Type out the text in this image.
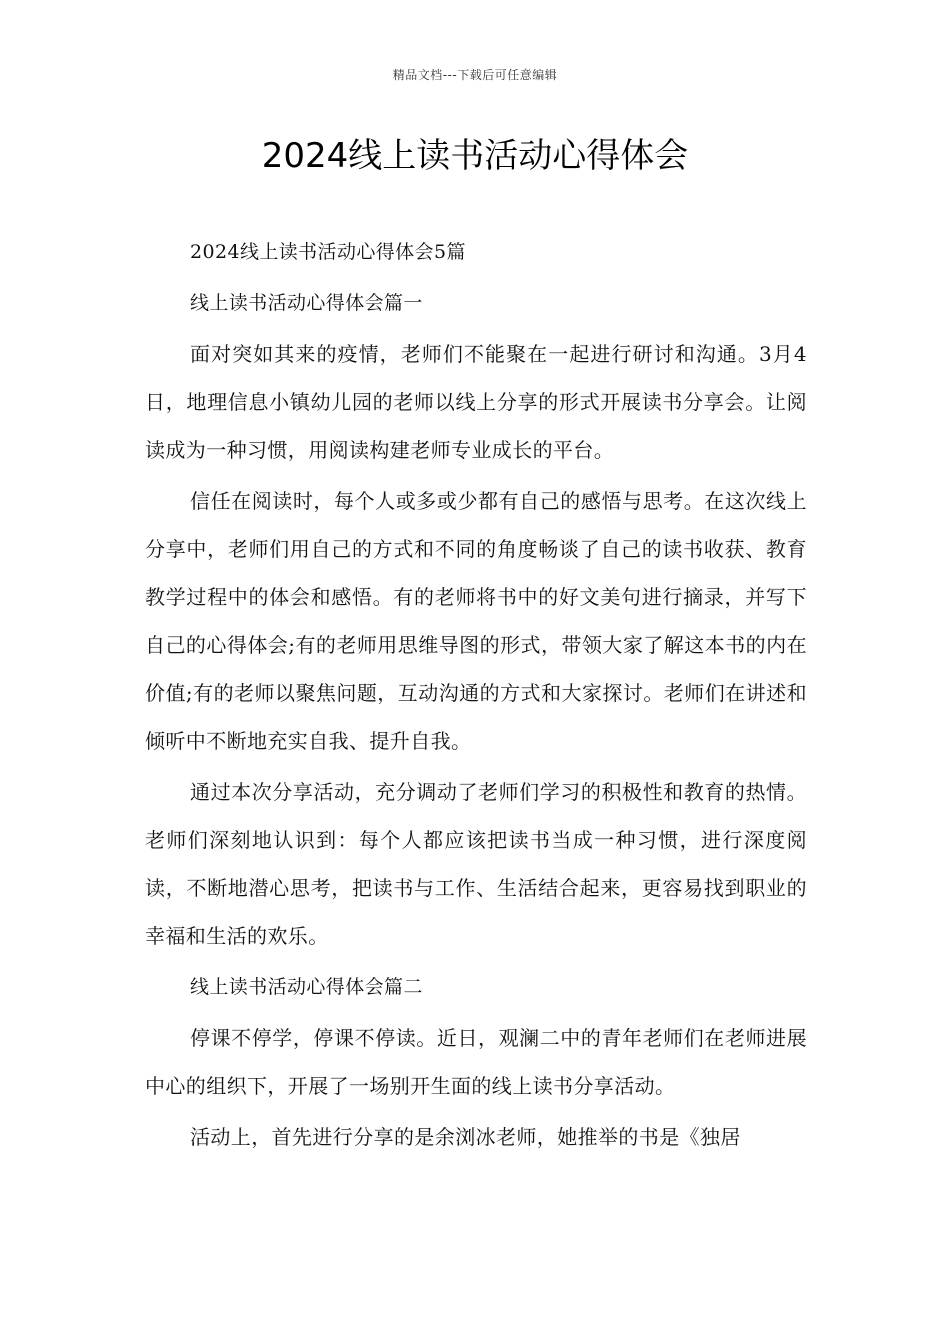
精品文档---下载后可任意编辑
2024线上读书活动心得体会

2024线上读书活动心得体会5篇

线上读书活动心得体会篇一

面对突如其来的疫情，老师们不能聚在一起进行研讨和沟通。3月4日，地理信息小镇幼儿园的老师以线上分享的形式开展读书分享会。让阅读成为一种习惯，用阅读构建老师专业成长的平台。

信任在阅读时，每个人或多或少都有自己的感悟与思考。在这次线上分享中，老师们用自己的方式和不同的角度畅谈了自己的读书收获、教育教学过程中的体会和感悟。有的老师将书中的好文美句进行摘录，并写下自己的心得体会;有的老师用思维导图的形式，带领大家了解这本书的内在价值;有的老师以聚焦问题，互动沟通的方式和大家探讨。老师们在讲述和倾听中不断地充实自我、提升自我。

通过本次分享活动，充分调动了老师们学习的积极性和教育的热情。老师们深刻地认识到：每个人都应该把读书当成一种习惯，进行深度阅读，不断地潜心思考，把读书与工作、生活结合起来，更容易找到职业的幸福和生活的欢乐。

线上读书活动心得体会篇二

停课不停学，停课不停读。近日，观澜二中的青年老师们在老师进展中心的组织下，开展了一场别开生面的线上读书分享活动。

活动上，首先进行分享的是余浏冰老师，她推举的书是《独居
